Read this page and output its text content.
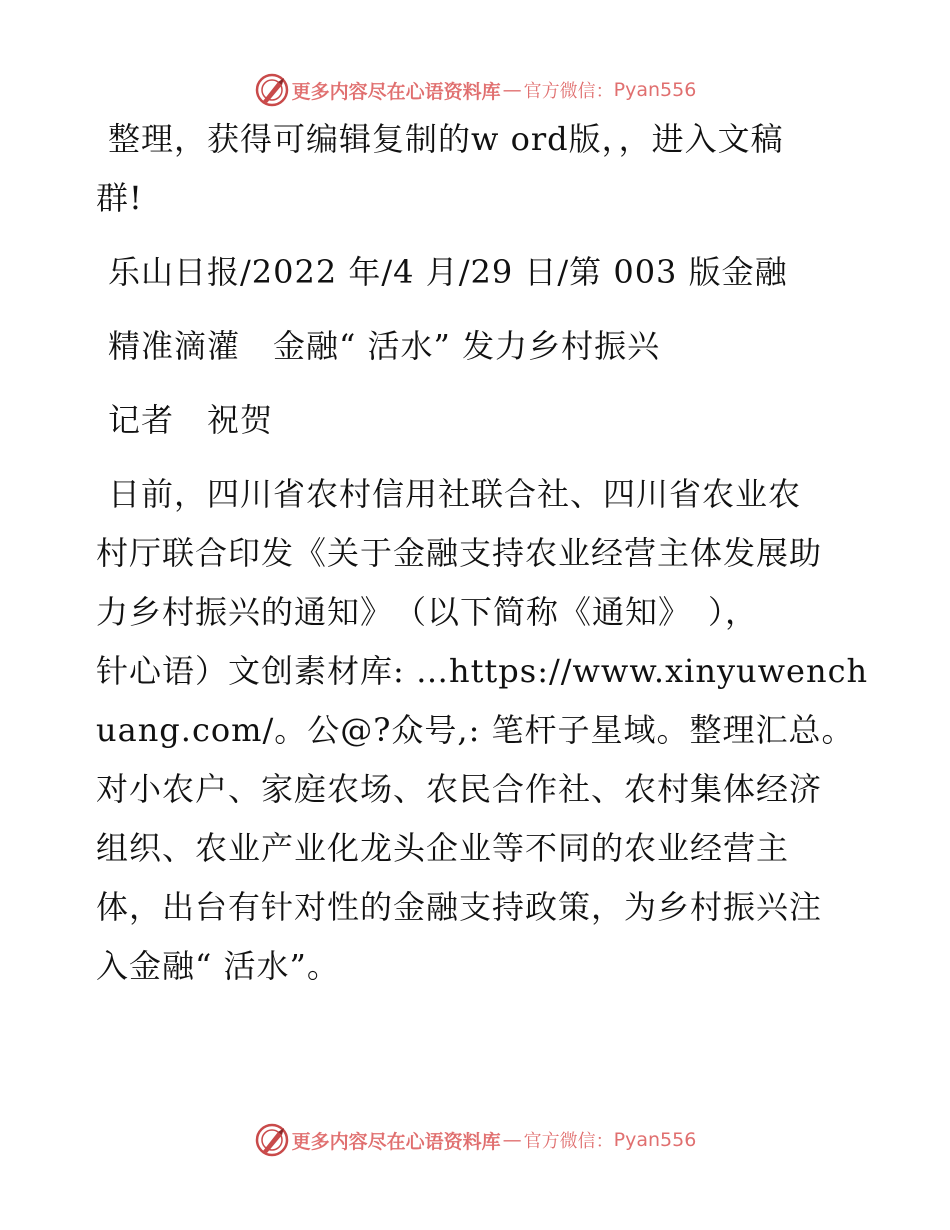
更多内容尽在心语资料库 — 官方微信： Pyan556
整理，获得可编辑复制的w ord版，，进入文稿
群!
乐山日报/2022 年/4 月/29 日/第 003 版金融
精准滴灌　金融“ 活水” 发力乡村振兴
记者　祝贺
日前，四川省农村信用社联合社、四川省农业农
村厅联合印发《关于金融支持农业经营主体发展助
力乡村振兴的通知》　（以下简称《通知》　），
针心语）文创素材库: …https://www.xinyuwench
uang.com/。公@?众号,: 笔杆子星域。整理汇总。
对小农户、家庭农场、农民合作社、农村集体经济
组织、农业产业化龙头企业等不同的农业经营主
体，出台有针对性的金融支持政策，为乡村振兴注
入金融“ 活水”。
更多内容尽在心语资料库 — 官方微信： Pyan556
